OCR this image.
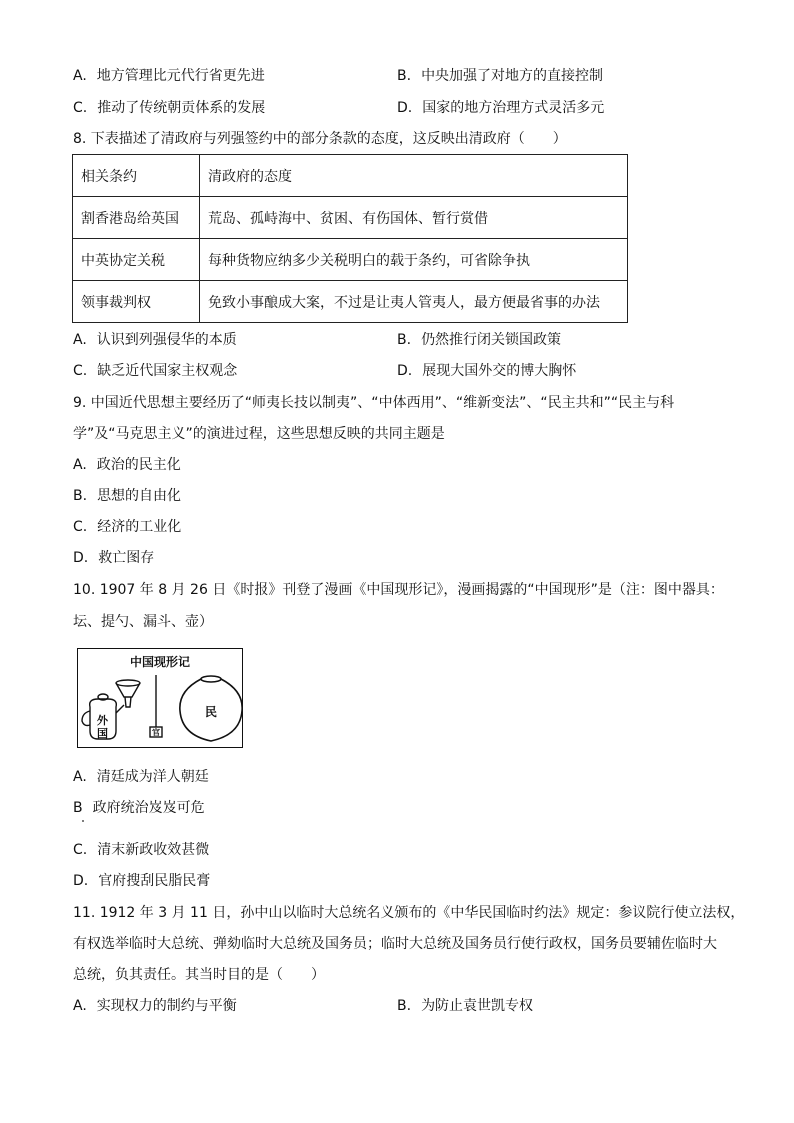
A. 地方管理比元代行省更先进	B. 中央加强了对地方的直接控制
C. 推动了传统朝贡体系的发展	D. 国家的地方治理方式灵活多元
8. 下表描述了清政府与列强签约中的部分条款的态度，这反映出清政府（　　）
相关条约	清政府的态度
割香港岛给英国	荒岛、孤峙海中、贫困、有伤国体、暂行赏借
中英协定关税	每种货物应纳多少关税明白的载于条约，可省除争执
领事裁判权	免致小事酿成大案，不过是让夷人管夷人，最方便最省事的办法
A. 认识到列强侵华的本质	B. 仍然推行闭关锁国政策
C. 缺乏近代国家主权观念	D. 展现大国外交的博大胸怀
9. 中国近代思想主要经历了“师夷长技以制夷”、“中体西用”、“维新变法”、“民主共和”“民主与科
学”及“马克思主义”的演进过程，这些思想反映的共同主题是
A. 政治的民主化
B. 思想的自由化
C. 经济的工业化
D. 救亡图存
10. 1907 年 8 月 26 日《时报》刊登了漫画《中国现形记》，漫画揭露的“中国现形”是（注：图中器具：
坛、提勺、漏斗、壶）
中国现形记
外
国	官
民
A. 清廷成为洋人朝廷
B 政府统治岌岌可危
C. 清末新政收效甚微
D. 官府搜刮民脂民膏
11. 1912 年 3 月 11 日，孙中山以临时大总统名义颁布的《中华民国临时约法》规定：参议院行使立法权，
有权选举临时大总统、弹劾临时大总统及国务员；临时大总统及国务员行使行政权，国务员要辅佐临时大
总统，负其责任。其当时目的是（　　）
A. 实现权力的制约与平衡	B. 为防止袁世凯专权
